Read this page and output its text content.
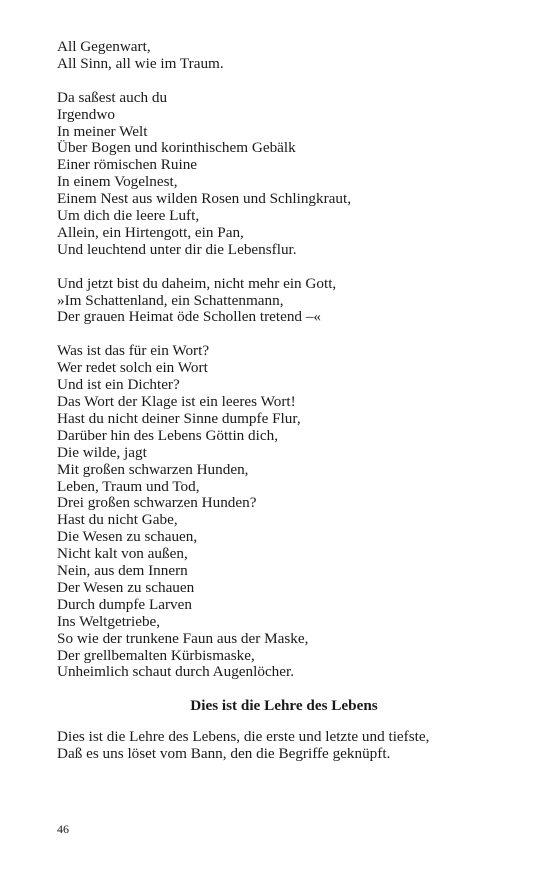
All Gegenwart,
All Sinn, all wie im Traum.
Da saßest auch du
Irgendwo
In meiner Welt
Über Bogen und korinthischem Gebälk
Einer römischen Ruine
In einem Vogelnest,
Einem Nest aus wilden Rosen und Schlingkraut,
Um dich die leere Luft,
Allein, ein Hirtengott, ein Pan,
Und leuchtend unter dir die Lebensflur.
Und jetzt bist du daheim, nicht mehr ein Gott,
»Im Schattenland, ein Schattenmann,
Der grauen Heimat öde Schollen tretend –«
Was ist das für ein Wort?
Wer redet solch ein Wort
Und ist ein Dichter?
Das Wort der Klage ist ein leeres Wort!
Hast du nicht deiner Sinne dumpfe Flur,
Darüber hin des Lebens Göttin dich,
Die wilde, jagt
Mit großen schwarzen Hunden,
Leben, Traum und Tod,
Drei großen schwarzen Hunden?
Hast du nicht Gabe,
Die Wesen zu schauen,
Nicht kalt von außen,
Nein, aus dem Innern
Der Wesen zu schauen
Durch dumpfe Larven
Ins Weltgetriebe,
So wie der trunkene Faun aus der Maske,
Der grellbemalten Kürbismaske,
Unheimlich schaut durch Augenlöcher.
Dies ist die Lehre des Lebens
Dies ist die Lehre des Lebens, die erste und letzte und tiefste,
Daß es uns löset vom Bann, den die Begriffe geknüpft.
46
